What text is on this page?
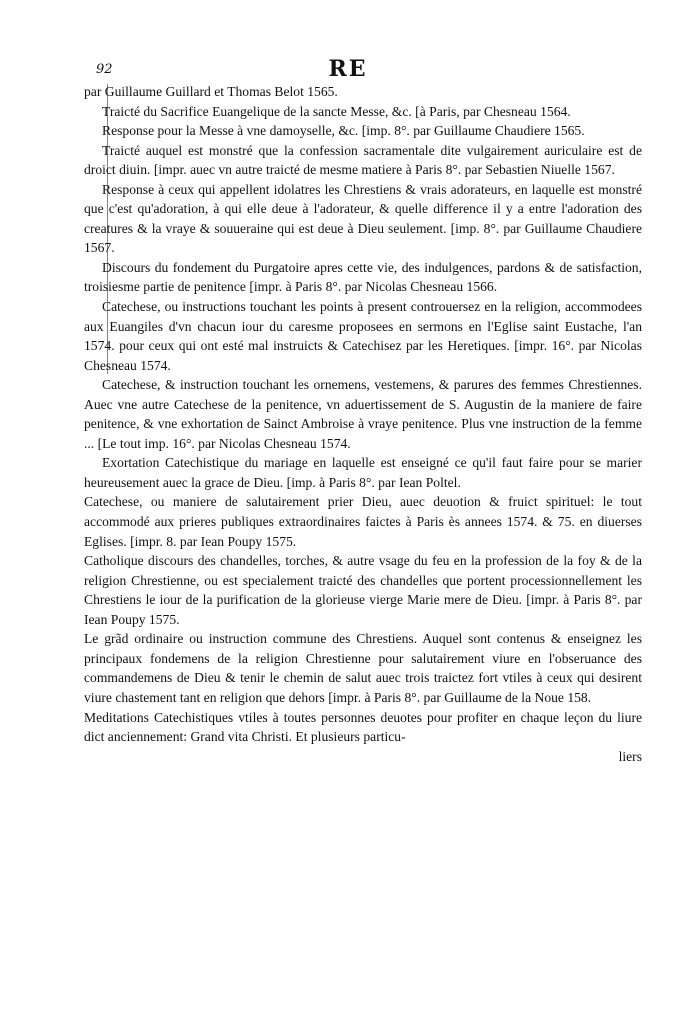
92	RE

par Guillaume Guillard et Thomas Belot 1565.

Traicté du Sacrifice Euangelique de la sancte Messe, &c. [à Paris, par Chesneau 1564.

Response pour la Messe à vne damoyselle, &c. [imp. 8°. par Guillaume Chaudiere 1565.

Traicté auquel est monstré que la confession sacramentale dite vulgairement auriculaire est de droict diuin. [impr. auec vn autre traicté de mesme matiere à Paris 8°. par Sebastien Niuelle 1567.

Response à ceux qui appellent idolatres les Chrestiens & vrais adorateurs, en laquelle est monstré que c'est qu'adoration, à qui elle deue à l'adorateur, & quelle difference il y a entre l'adoration des creatures & la vraye & souueraine qui est deue à Dieu seulement. [imp. 8°. par Guillaume Chaudiere 1567.

Discours du fondement du Purgatoire apres cette vie, des indulgences, pardons & de satisfaction, troisiesme partie de penitence [impr. à Paris 8°. par Nicolas Chesneau 1566.

Catechese, ou instructions touchant les points à present controuersez en la religion, accommodees aux Euangiles d'vn chacun iour du caresme proposees en sermons en l'Eglise saint Eustache, l'an 1574. pour ceux qui ont esté mal instruicts & Catechisez par les Heretiques. [impr. 16°. par Nicolas Chesneau 1574.

Catechese, & instruction touchant les ornemens, vestemens, & parures des femmes Chrestiennes. Auec vne autre Catechese de la penitence, vn aduertissement de S. Augustin de la maniere de faire penitence, & vne exhortation de Sainct Ambroise à vraye penitence. Plus vne instruction de la femme ... [Le tout imp. 16°. par Nicolas Chesneau 1574.

Exortation Catechistique du mariage en laquelle est enseigné ce qu'il faut faire pour se marier heureusement auec la grace de Dieu. [imp. à Paris 8°. par Iean Poltel.

Catechese, ou maniere de salutairement prier Dieu, auec deuotion & fruict spirituel: le tout accommodé aux prieres publiques extraordinaires faictes à Paris ès annees 1574. & 75. en diuerses Eglises. [impr. 8. par Iean Poupy 1575.

Catholique discours des chandelles, torches, & autre vsage du feu en la profession de la foy & de la religion Chrestienne, ou est specialement traicté des chandelles que portent processionnellement les Chrestiens le iour de la purification de la glorieuse vierge Marie mere de Dieu. [impr. à Paris 8°. par Iean Poupy 1575.

Le grãd ordinaire ou instruction commune des Chrestiens. Auquel sont contenus & enseignez les principaux fondemens de la religion Chrestienne pour salutairement viure en l'obseruance des commandemens de Dieu & tenir le chemin de salut auec trois traictez fort vtiles à ceux qui desirent viure chastement tant en religion que dehors [impr. à Paris 8°. par Guillaume de la Noue 158.

Meditations Catechistiques vtiles à toutes personnes deuotes pour profiter en chaque leçon du liure dict anciennement: Grand vita Christi. Et plusieurs particu-

liers
